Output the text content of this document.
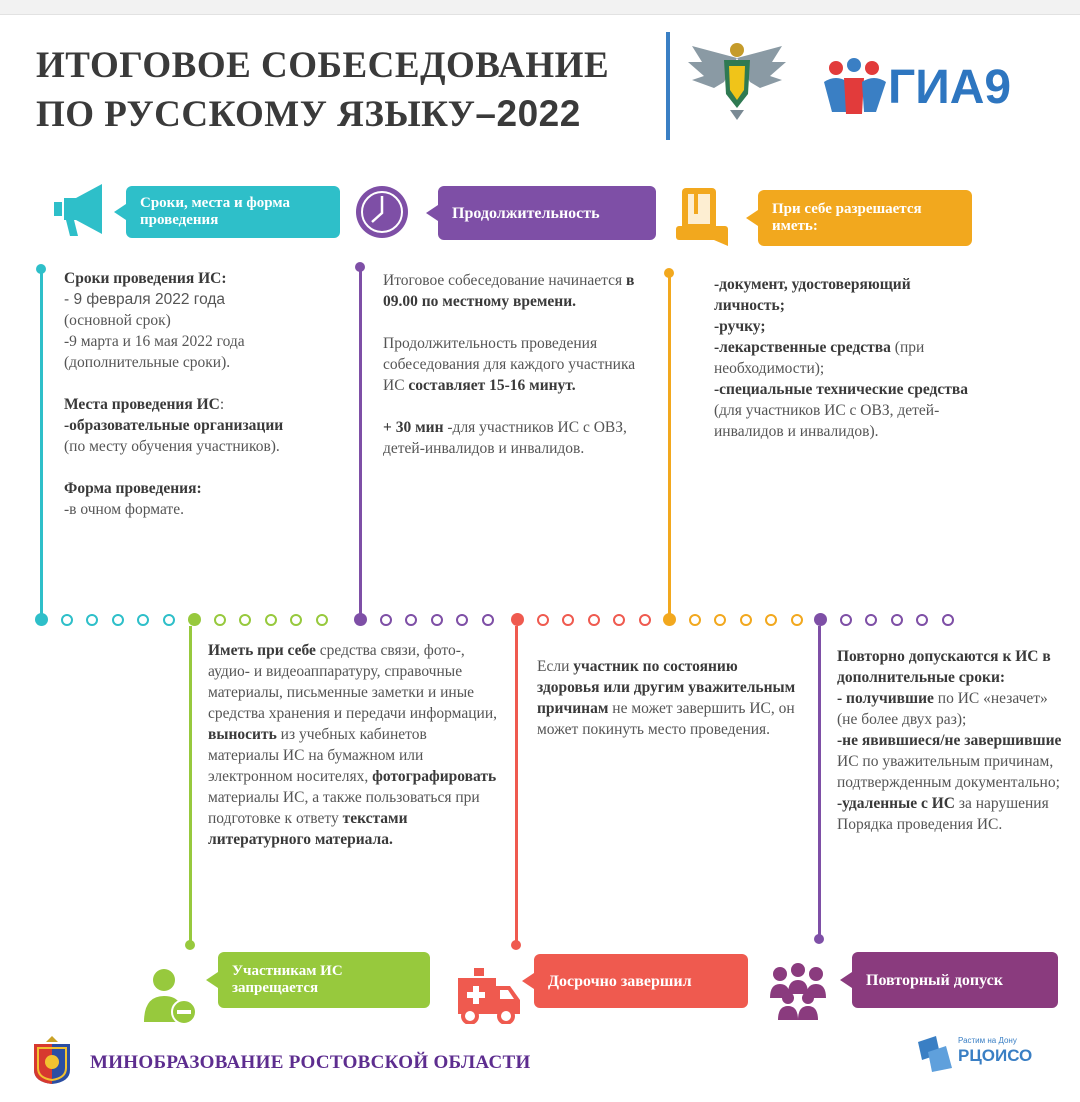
ИТОГОВОЕ СОБЕСЕДОВАНИЕ
ПО РУССКОМУ ЯЗЫКУ–2022	ГИА9
Сроки, места и форма проведения	Продолжительность	При себе разрешается иметь:
Сроки проведения ИС:
- 9 февраля 2022 года
(основной срок)
-9 марта и 16 мая 2022 года
(дополнительные сроки).
Места проведения ИС:
-образовательные организации
(по месту обучения участников).
Форма проведения:
-в очном формате.

Итоговое собеседование начинается в 09.00 по местному времени.

Продолжительность проведения собеседования для каждого участника ИС составляет 15-16 минут.

+ 30 мин -для участников ИС с ОВЗ, детей-инвалидов и инвалидов.

-документ, удостоверяющий личность;
-ручку;
-лекарственные средства (при необходимости);
-специальные технические средства (для участников ИС с ОВЗ, детей-инвалидов и инвалидов).
Иметь при себе средства связи, фото-, аудио- и видеоаппаратуру, справочные материалы, письменные заметки и иные средства хранения и передачи информации, выносить из учебных кабинетов материалы ИС на бумажном или электронном носителях, фотографировать материалы ИС, а также пользоваться при подготовке к ответу текстами литературного материала.
Если участник по состоянию здоровья или другим уважительным причинам не может завершить ИС, он может покинуть место проведения.
Повторно допускаются к ИС в дополнительные сроки:
- получившие по ИС «незачет» (не более двух раз);
-не явившиеся/не завершившие ИС по уважительным причинам, подтвержденным документально;
-удаленные с ИС за нарушения Порядка проведения ИС.
Участникам ИС запрещается	Досрочно завершил	Повторный допуск
МИНОБРАЗОВАНИЕ РОСТОВСКОЙ ОБЛАСТИ
Растим на Дону
РЦОИСО
